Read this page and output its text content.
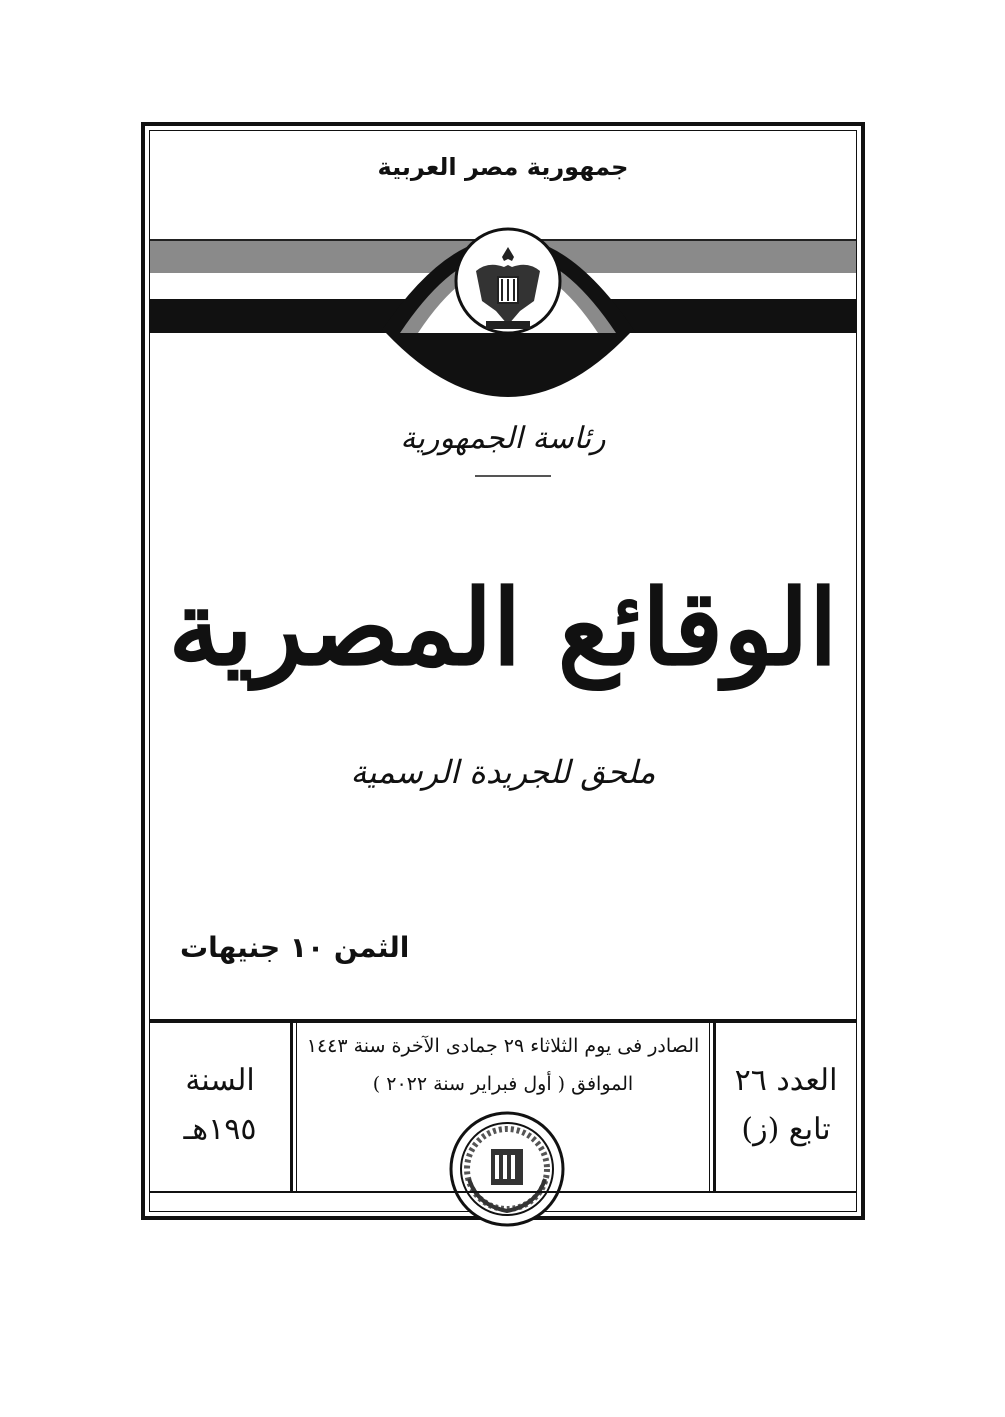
جمهورية مصر العربية
رئاسة الجمهورية
الوقائع المصرية
ملحق للجريدة الرسمية
الثمن ١٠ جنيهات
السنة
١٩٥هـ
الصادر فى يوم الثلاثاء ٢٩ جمادى الآخرة سنة ١٤٤٣
الموافق ( أول فبراير سنة ٢٠٢٢ )	العدد ٢٦
تابع (ز)
